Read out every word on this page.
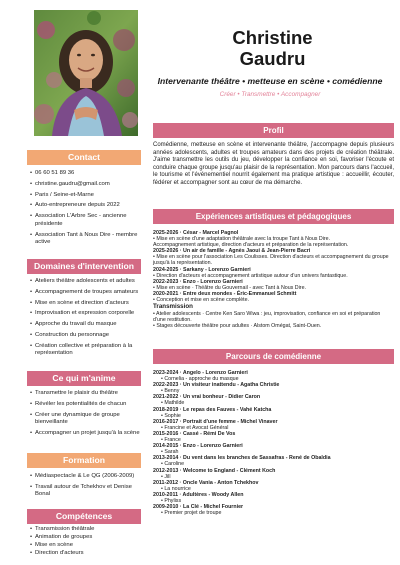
Contact
• 06 60 51 89 36
• christine.gaudru@gmail.com
• Paris / Seine-et-Marne
• Auto-entrepreneure depuis 2022
• Association L'Arbre Sec - ancienne présidente
• Association Tant à Nous Dire - membre active
Domaines d'intervention
• Ateliers théâtre adolescents et adultes
• Accompagnement de troupes amateurs
• Mise en scène et direction d'acteurs
• Improvisation et expression corporelle
• Approche du travail du masque
• Construction du personnage
• Création collective et préparation à la représentation
Ce qui m'anime
• Transmettre le plaisir du théâtre
• Révéler les potentialités de chacun
• Créer une dynamique de groupe bienveillante
• Accompagner un projet jusqu'à la scène
Formation
• Médiaspectacle & Le QG (2006-2009)
• Travail autour de Tchekhov et Denise Bonal
Compétences
• Transmission théâtrale
• Animation de groupes
• Mise en scène
• Direction d'acteurs
Christine
Gaudru
Intervenante théâtre • metteuse en scène • comédienne
Créer • Transmettre • Accompagner
Profil
Comédienne, metteuse en scène et intervenante théâtre, j'accompagne depuis plusieurs années adolescents, adultes et troupes amateurs dans des projets de création théâtrale. J'aime transmettre les outils du jeu, développer la confiance en soi, favoriser l'écoute et conduire chaque groupe jusqu'au plaisir de la représentation. Mon parcours dans l'accueil, le tourisme et l'événementiel nourrit également ma pratique artistique : accueillir, écouter, fédérer et accompagner sont au cœur de ma démarche.
Expériences artistiques et pédagogiques
2025-2026 · César - Marcel Pagnol
• Mise en scène d'une adaptation théâtrale avec la troupe Tant à Nous Dire.
Accompagnement artistique, direction d'acteurs et préparation de la représentation.
2025-2026 · Un air de famille - Agnès Jaoui & Jean-Pierre Bacri
• Mise en scène pour l'association Les Coulisses. Direction d'acteurs et accompagnement du groupe jusqu'à la représentation.
2024-2025 · Sarkany - Lorenzo Garnieri
• Direction d'acteurs et accompagnement artistique autour d'un univers fantastique.
2022-2023 · Enzo - Lorenzo Garnieri
• Mise en scène · Théâtre du Gouvernail - avec Tant à Nous Dire.
2020-2021 · Entre deux mondes - Éric-Emmanuel Schmitt
• Conception et mise en scène complète.
Transmission
• Atelier adolescents · Centre Ken Saro Wiwa : jeu, improvisation, confiance en soi et préparation d'une restitution.
• Stages découverte théâtre pour adultes · Alstom Omégat, Saint-Ouen.
Parcours de comédienne
2023-2024 · Angelo - Lorenzo Garnieri
• Cornelia - approche du masque
2022-2023 · Un visiteur inattendu - Agatha Christie
• Benny
2021-2022 · Un vrai bonheur - Didier Caron
• Mathilde
2018-2019 · Le repas des Fauves - Vahé Katcha
• Sophie
2016-2017 · Portrait d'une femme - Michel Vinaver
• Francine et Avocat Général
2015-2016 · Cassé - Rémi De Vos
• France
2014-2015 · Enzo - Lorenzo Garnieri
• Sarah
2013-2014 · Du vent dans les branches de Sassafras - René de Obaldia
• Caroline
2012-2013 · Welcome to England - Clément Koch
• Jill
2011-2012 · Oncle Vania - Anton Tchekhov
• La nourrice
2010-2011 · Adultères - Woody Allen
• Phyliss
2009-2010 · La Clé - Michel Fournier
• Premier projet de troupe
